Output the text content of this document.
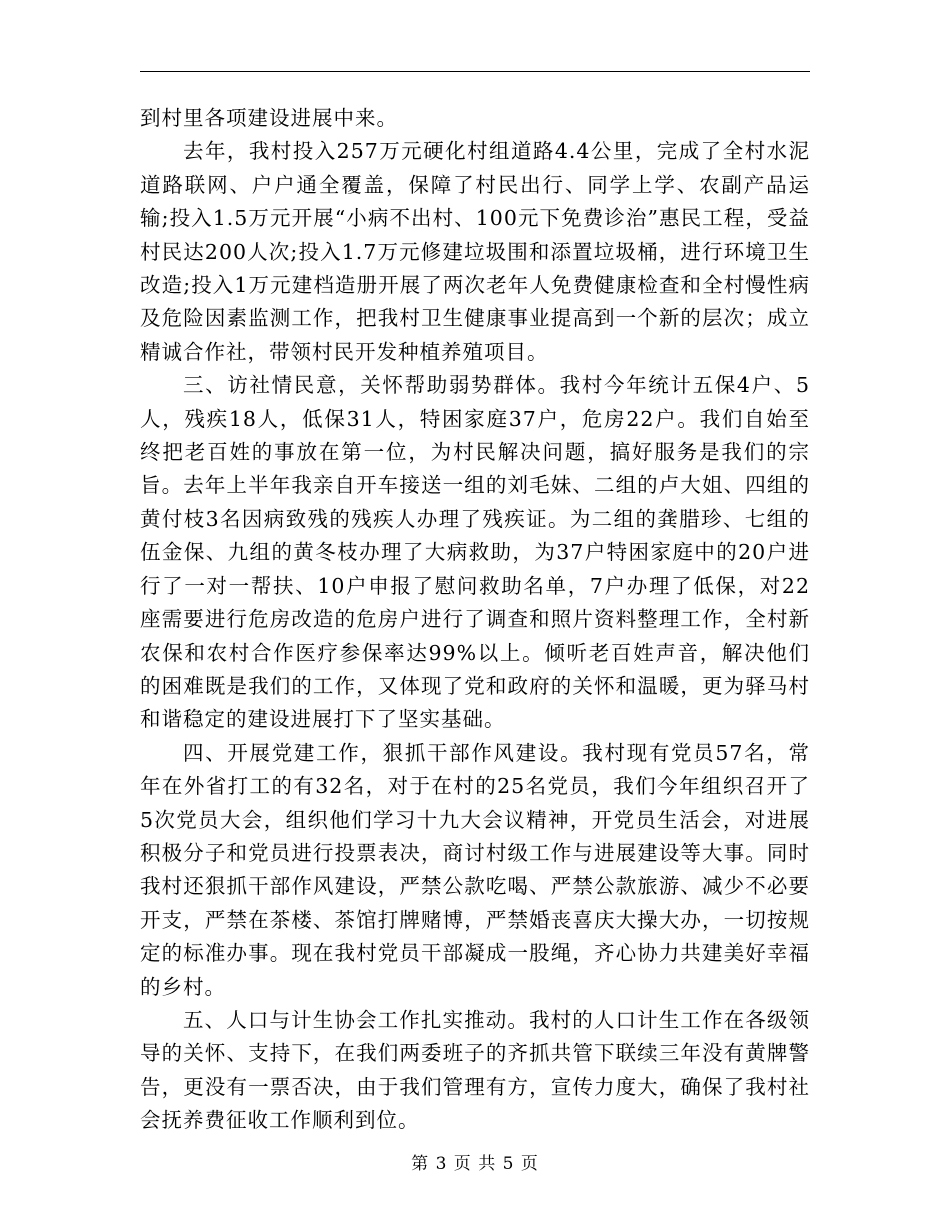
到村里各项建设进展中来。

去年，我村投入257万元硬化村组道路4.4公里，完成了全村水泥道路联网、户户通全覆盖，保障了村民出行、同学上学、农副产品运输;投入1.5万元开展“小病不出村、100元下免费诊治”惠民工程，受益村民达200人次;投入1.7万元修建垃圾围和添置垃圾桶，进行环境卫生改造;投入1万元建档造册开展了两次老年人免费健康检查和全村慢性病及危险因素监测工作，把我村卫生健康事业提高到一个新的层次；成立精诚合作社，带领村民开发种植养殖项目。

三、访社情民意，关怀帮助弱势群体。我村今年统计五保4户、5人，残疾18人，低保31人，特困家庭37户，危房22户。我们自始至终把老百姓的事放在第一位，为村民解决问题，搞好服务是我们的宗旨。去年上半年我亲自开车接送一组的刘毛妹、二组的卢大姐、四组的黄付枝3名因病致残的残疾人办理了残疾证。为二组的龚腊珍、七组的伍金保、九组的黄冬枝办理了大病救助，为37户特困家庭中的20户进行了一对一帮扶、10户申报了慰问救助名单，7户办理了低保，对22座需要进行危房改造的危房户进行了调查和照片资料整理工作，全村新农保和农村合作医疗参保率达99%以上。倾听老百姓声音，解决他们的困难既是我们的工作，又体现了党和政府的关怀和温暖，更为驿马村和谐稳定的建设进展打下了坚实基础。

四、开展党建工作，狠抓干部作风建设。我村现有党员57名，常年在外省打工的有32名，对于在村的25名党员，我们今年组织召开了5次党员大会，组织他们学习十九大会议精神，开党员生活会，对进展积极分子和党员进行投票表决，商讨村级工作与进展建设等大事。同时我村还狠抓干部作风建设，严禁公款吃喝、严禁公款旅游、减少不必要开支，严禁在茶楼、茶馆打牌赌博，严禁婚丧喜庆大操大办，一切按规定的标准办事。现在我村党员干部凝成一股绳，齐心协力共建美好幸福的乡村。

五、人口与计生协会工作扎实推动。我村的人口计生工作在各级领导的关怀、支持下，在我们两委班子的齐抓共管下联续三年没有黄牌警告，更没有一票否决，由于我们管理有方，宣传力度大，确保了我村社会抚养费征收工作顺利到位。

第 3 页 共 5 页
